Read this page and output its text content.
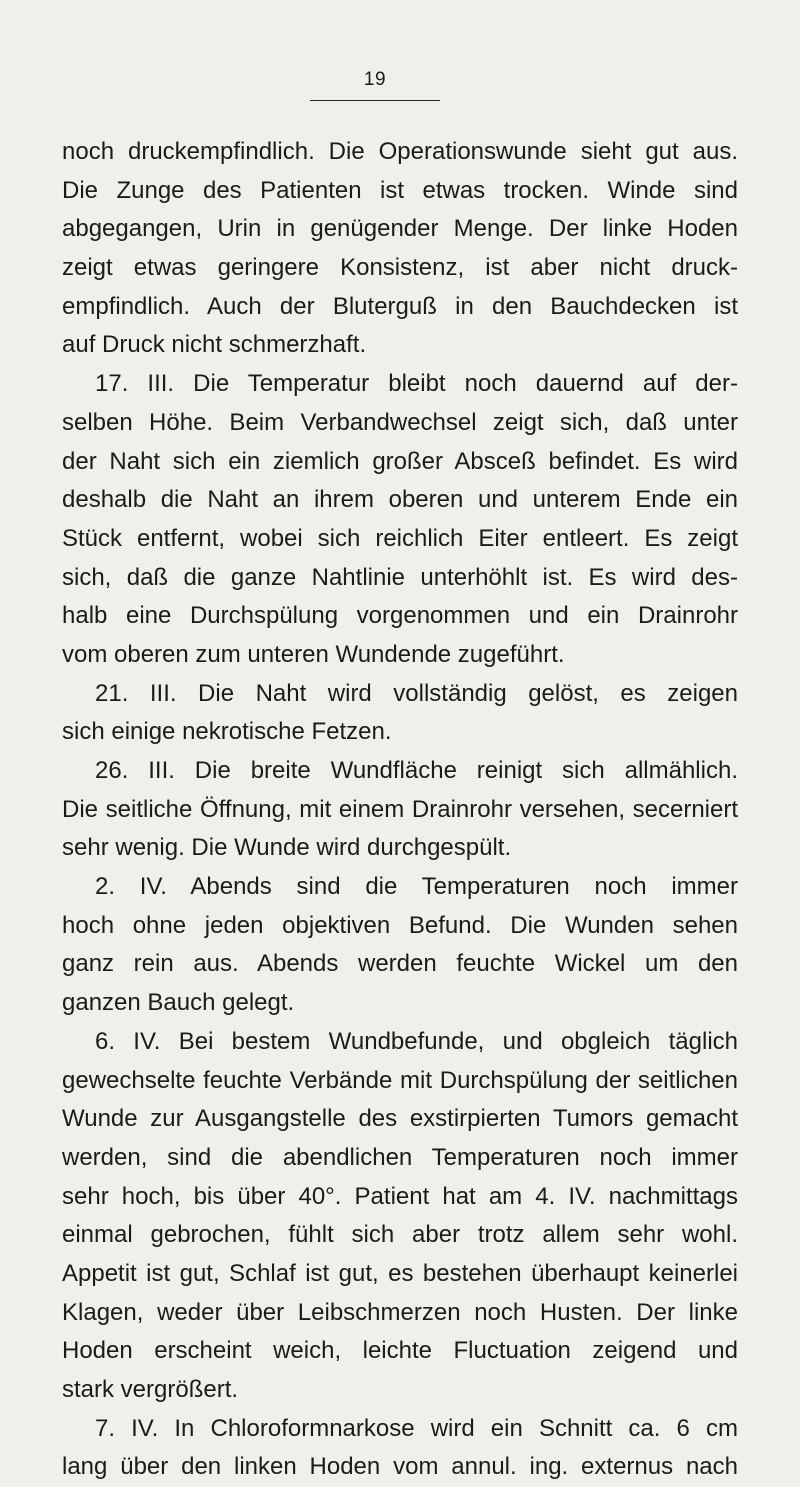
19
noch druckempfindlich. Die Operationswunde sieht gut aus.
Die Zunge des Patienten ist etwas trocken. Winde sind
abgegangen, Urin in genügender Menge. Der linke Hoden
zeigt etwas geringere Konsistenz, ist aber nicht druck-
empfindlich. Auch der Bluterguß in den Bauchdecken ist
auf Druck nicht schmerzhaft.
17. III. Die Temperatur bleibt noch dauernd auf der-
selben Höhe. Beim Verbandwechsel zeigt sich, daß unter
der Naht sich ein ziemlich großer Absceß befindet. Es wird
deshalb die Naht an ihrem oberen und unterem Ende ein
Stück entfernt, wobei sich reichlich Eiter entleert. Es zeigt
sich, daß die ganze Nahtlinie unterhöhlt ist. Es wird des-
halb eine Durchspülung vorgenommen und ein Drainrohr
vom oberen zum unteren Wundende zugeführt.
21. III. Die Naht wird vollständig gelöst, es zeigen
sich einige nekrotische Fetzen.
26. III. Die breite Wundfläche reinigt sich allmählich.
Die seitliche Öffnung, mit einem Drainrohr versehen, secerniert
sehr wenig. Die Wunde wird durchgespült.
2. IV. Abends sind die Temperaturen noch immer
hoch ohne jeden objektiven Befund. Die Wunden sehen
ganz rein aus. Abends werden feuchte Wickel um den
ganzen Bauch gelegt.
6. IV. Bei bestem Wundbefunde, und obgleich täglich
gewechselte feuchte Verbände mit Durchspülung der seitlichen
Wunde zur Ausgangstelle des exstirpierten Tumors gemacht
werden, sind die abendlichen Temperaturen noch immer
sehr hoch, bis über 40°. Patient hat am 4. IV. nachmittags
einmal gebrochen, fühlt sich aber trotz allem sehr wohl.
Appetit ist gut, Schlaf ist gut, es bestehen überhaupt keinerlei
Klagen, weder über Leibschmerzen noch Husten. Der linke
Hoden erscheint weich, leichte Fluctuation zeigend und
stark vergrößert.
7. IV. In Chloroformnarkose wird ein Schnitt ca. 6 cm
lang über den linken Hoden vom annul. ing. externus nach
